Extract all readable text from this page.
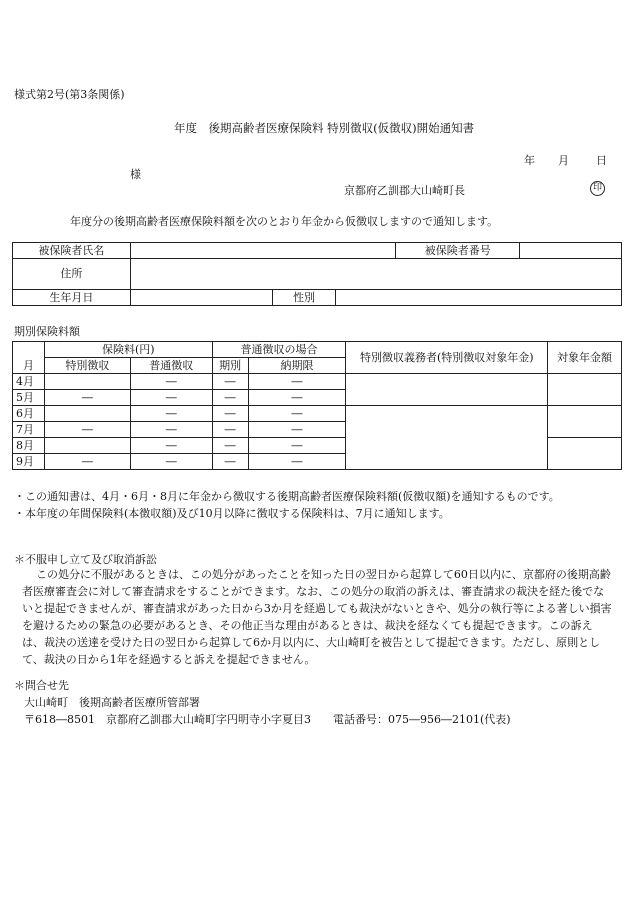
様式第2号(第3条関係)
年度　後期高齢者医療保険料 特別徴収(仮徴収)開始通知書
年 月 日
様
京都府乙訓郡大山崎町長	印
年度分の後期高齢者医療保険料額を次のとおり年金から仮徴収しますので通知します。
被保険者氏名				被保険者番号	
住所					
生年月日		性別			
期別保険料額
月	保険料(円)		普通徴収の場合		特別徴収義務者(特別徴収対象年金)	対象年金額
	特別徴収	普通徴収	期別	納期限		
4月		―	―	―		
5月	―	―	―	―		
6月		―	―	―		
7月	―	―	―	―		
8月		―	―	―		
9月	―	―	―	―		
・この通知書は、4月・6月・8月に年金から徴収する後期高齢者医療保険料額(仮徴収額)を通知するものです。
・本年度の年間保険料(本徴収額)及び10月以降に徴収する保険料は、7月に通知します。
＊不服申し立て及び取消訴訟
この処分に不服があるときは、この処分があったことを知った日の翌日から起算して60日以内に、京都府の後期高齢者医療審査会に対して審査請求をすることができます。なお、この処分の取消の訴えは、審査請求の裁決を経た後でないと提起できませんが、審査請求があった日から3か月を経過しても裁決がないときや、処分の執行等による著しい損害を避けるための緊急の必要があるとき、その他正当な理由があるときは、裁決を経なくても提起できます。この訴えは、裁決の送達を受けた日の翌日から起算して6か月以内に、大山崎町を被告として提起できます。ただし、原則として、裁決の日から1年を経過すると訴えを提起できません。
＊問合せ先
大山崎町　後期高齢者医療所管部署
〒618―8501　京都府乙訓郡大山崎町字円明寺小字夏目3　　電話番号：075―956―2101(代表)
